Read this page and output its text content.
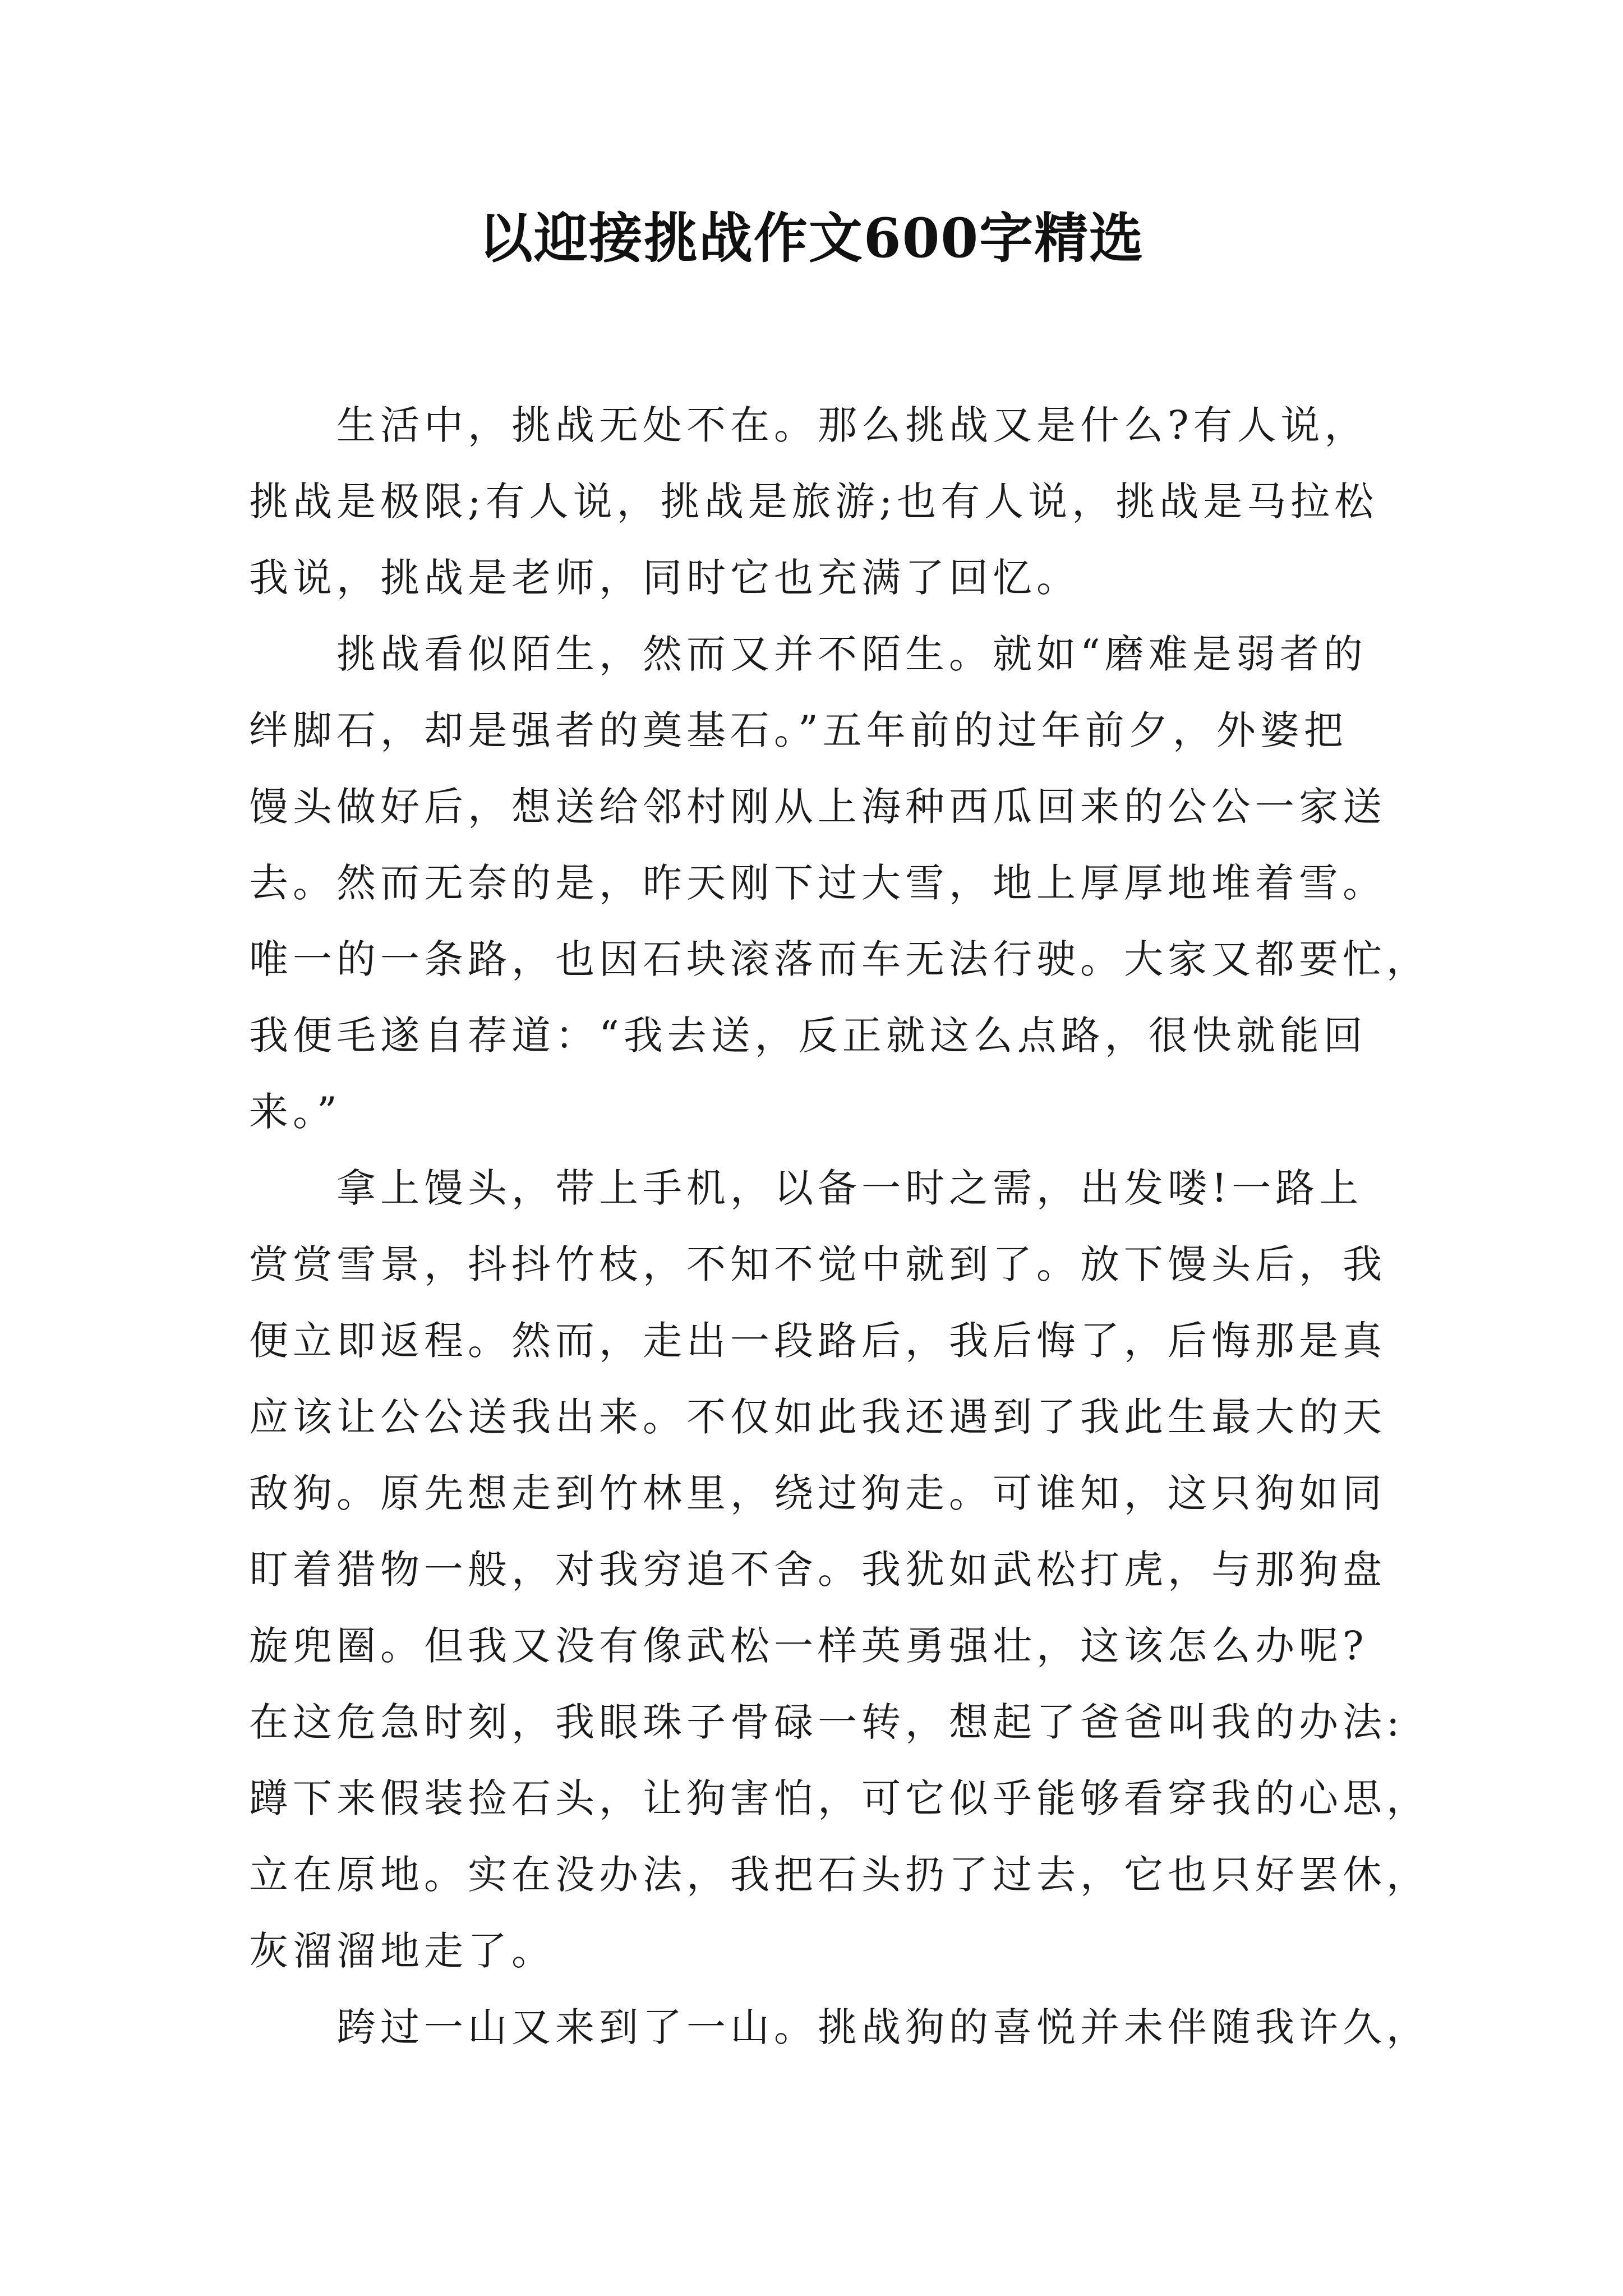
以迎接挑战作文600字精选
生活中，挑战无处不在。那么挑战又是什么?有人说，
挑战是极限;有人说，挑战是旅游;也有人说，挑战是马拉松
我说，挑战是老师，同时它也充满了回忆。
挑战看似陌生，然而又并不陌生。就如“磨难是弱者的
绊脚石，却是强者的奠基石。”五年前的过年前夕，外婆把
馒头做好后，想送给邻村刚从上海种西瓜回来的公公一家送
去。然而无奈的是，昨天刚下过大雪，地上厚厚地堆着雪。
唯一的一条路，也因石块滚落而车无法行驶。大家又都要忙，
我便毛遂自荐道：“我去送，反正就这么点路，很快就能回
来。”
拿上馒头，带上手机，以备一时之需，出发喽!一路上
赏赏雪景，抖抖竹枝，不知不觉中就到了。放下馒头后，我
便立即返程。然而，走出一段路后，我后悔了，后悔那是真
应该让公公送我出来。不仅如此我还遇到了我此生最大的天
敌狗。原先想走到竹林里，绕过狗走。可谁知，这只狗如同
盯着猎物一般，对我穷追不舍。我犹如武松打虎，与那狗盘
旋兜圈。但我又没有像武松一样英勇强壮，这该怎么办呢?
在这危急时刻，我眼珠子骨碌一转，想起了爸爸叫我的办法:
蹲下来假装捡石头，让狗害怕，可它似乎能够看穿我的心思，
立在原地。实在没办法，我把石头扔了过去，它也只好罢休，
灰溜溜地走了。
跨过一山又来到了一山。挑战狗的喜悦并未伴随我许久，
